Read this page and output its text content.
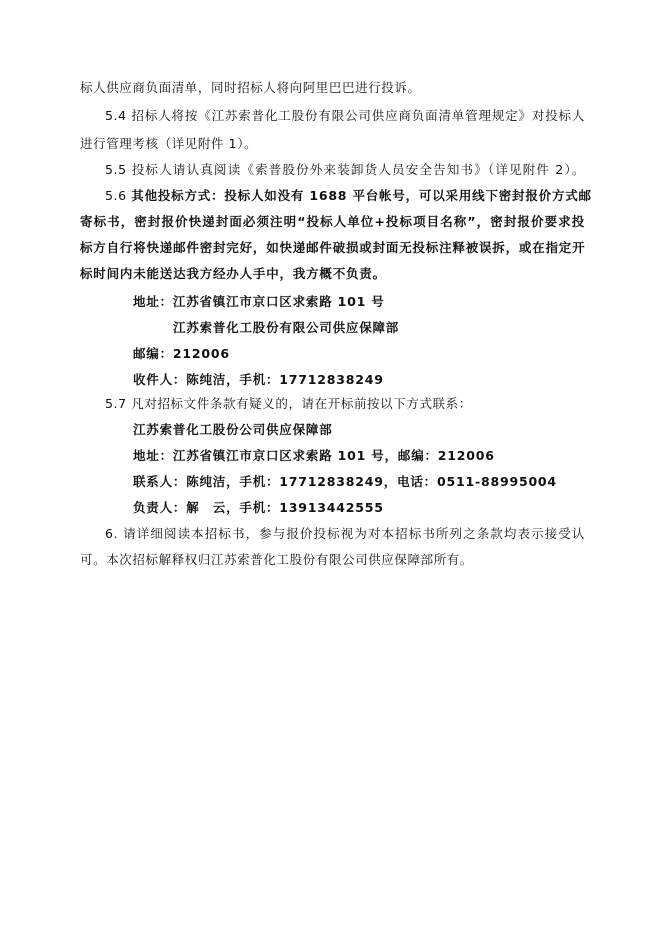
标人供应商负面清单，同时招标人将向阿里巴巴进行投诉。
5.4 招标人将按《江苏索普化工股份有限公司供应商负面清单管理规定》对投标人
进行管理考核（详见附件 1）。
5.5 投标人请认真阅读《索普股份外来装卸货人员安全告知书》（详见附件 2）。
5.6 其他投标方式：投标人如没有 1688 平台帐号，可以采用线下密封报价方式邮
寄标书，密封报价快递封面必须注明“投标人单位+投标项目名称”，密封报价要求投
标方自行将快递邮件密封完好，如快递邮件破损或封面无投标注释被误拆，或在指定开
标时间内未能送达我方经办人手中，我方概不负责。
地址：江苏省镇江市京口区求索路 101 号
江苏索普化工股份有限公司供应保障部
邮编：212006
收件人：陈纯洁，手机：17712838249
5.7 凡对招标文件条款有疑义的，请在开标前按以下方式联系：
江苏索普化工股份公司供应保障部
地址：江苏省镇江市京口区求索路 101 号，邮编：212006
联系人：陈纯洁，手机：17712838249，电话：0511-88995004
负责人：解　云，手机：13913442555
6. 请详细阅读本招标书，参与报价投标视为对本招标书所列之条款均表示接受认
可。本次招标解释权归江苏索普化工股份有限公司供应保障部所有。
